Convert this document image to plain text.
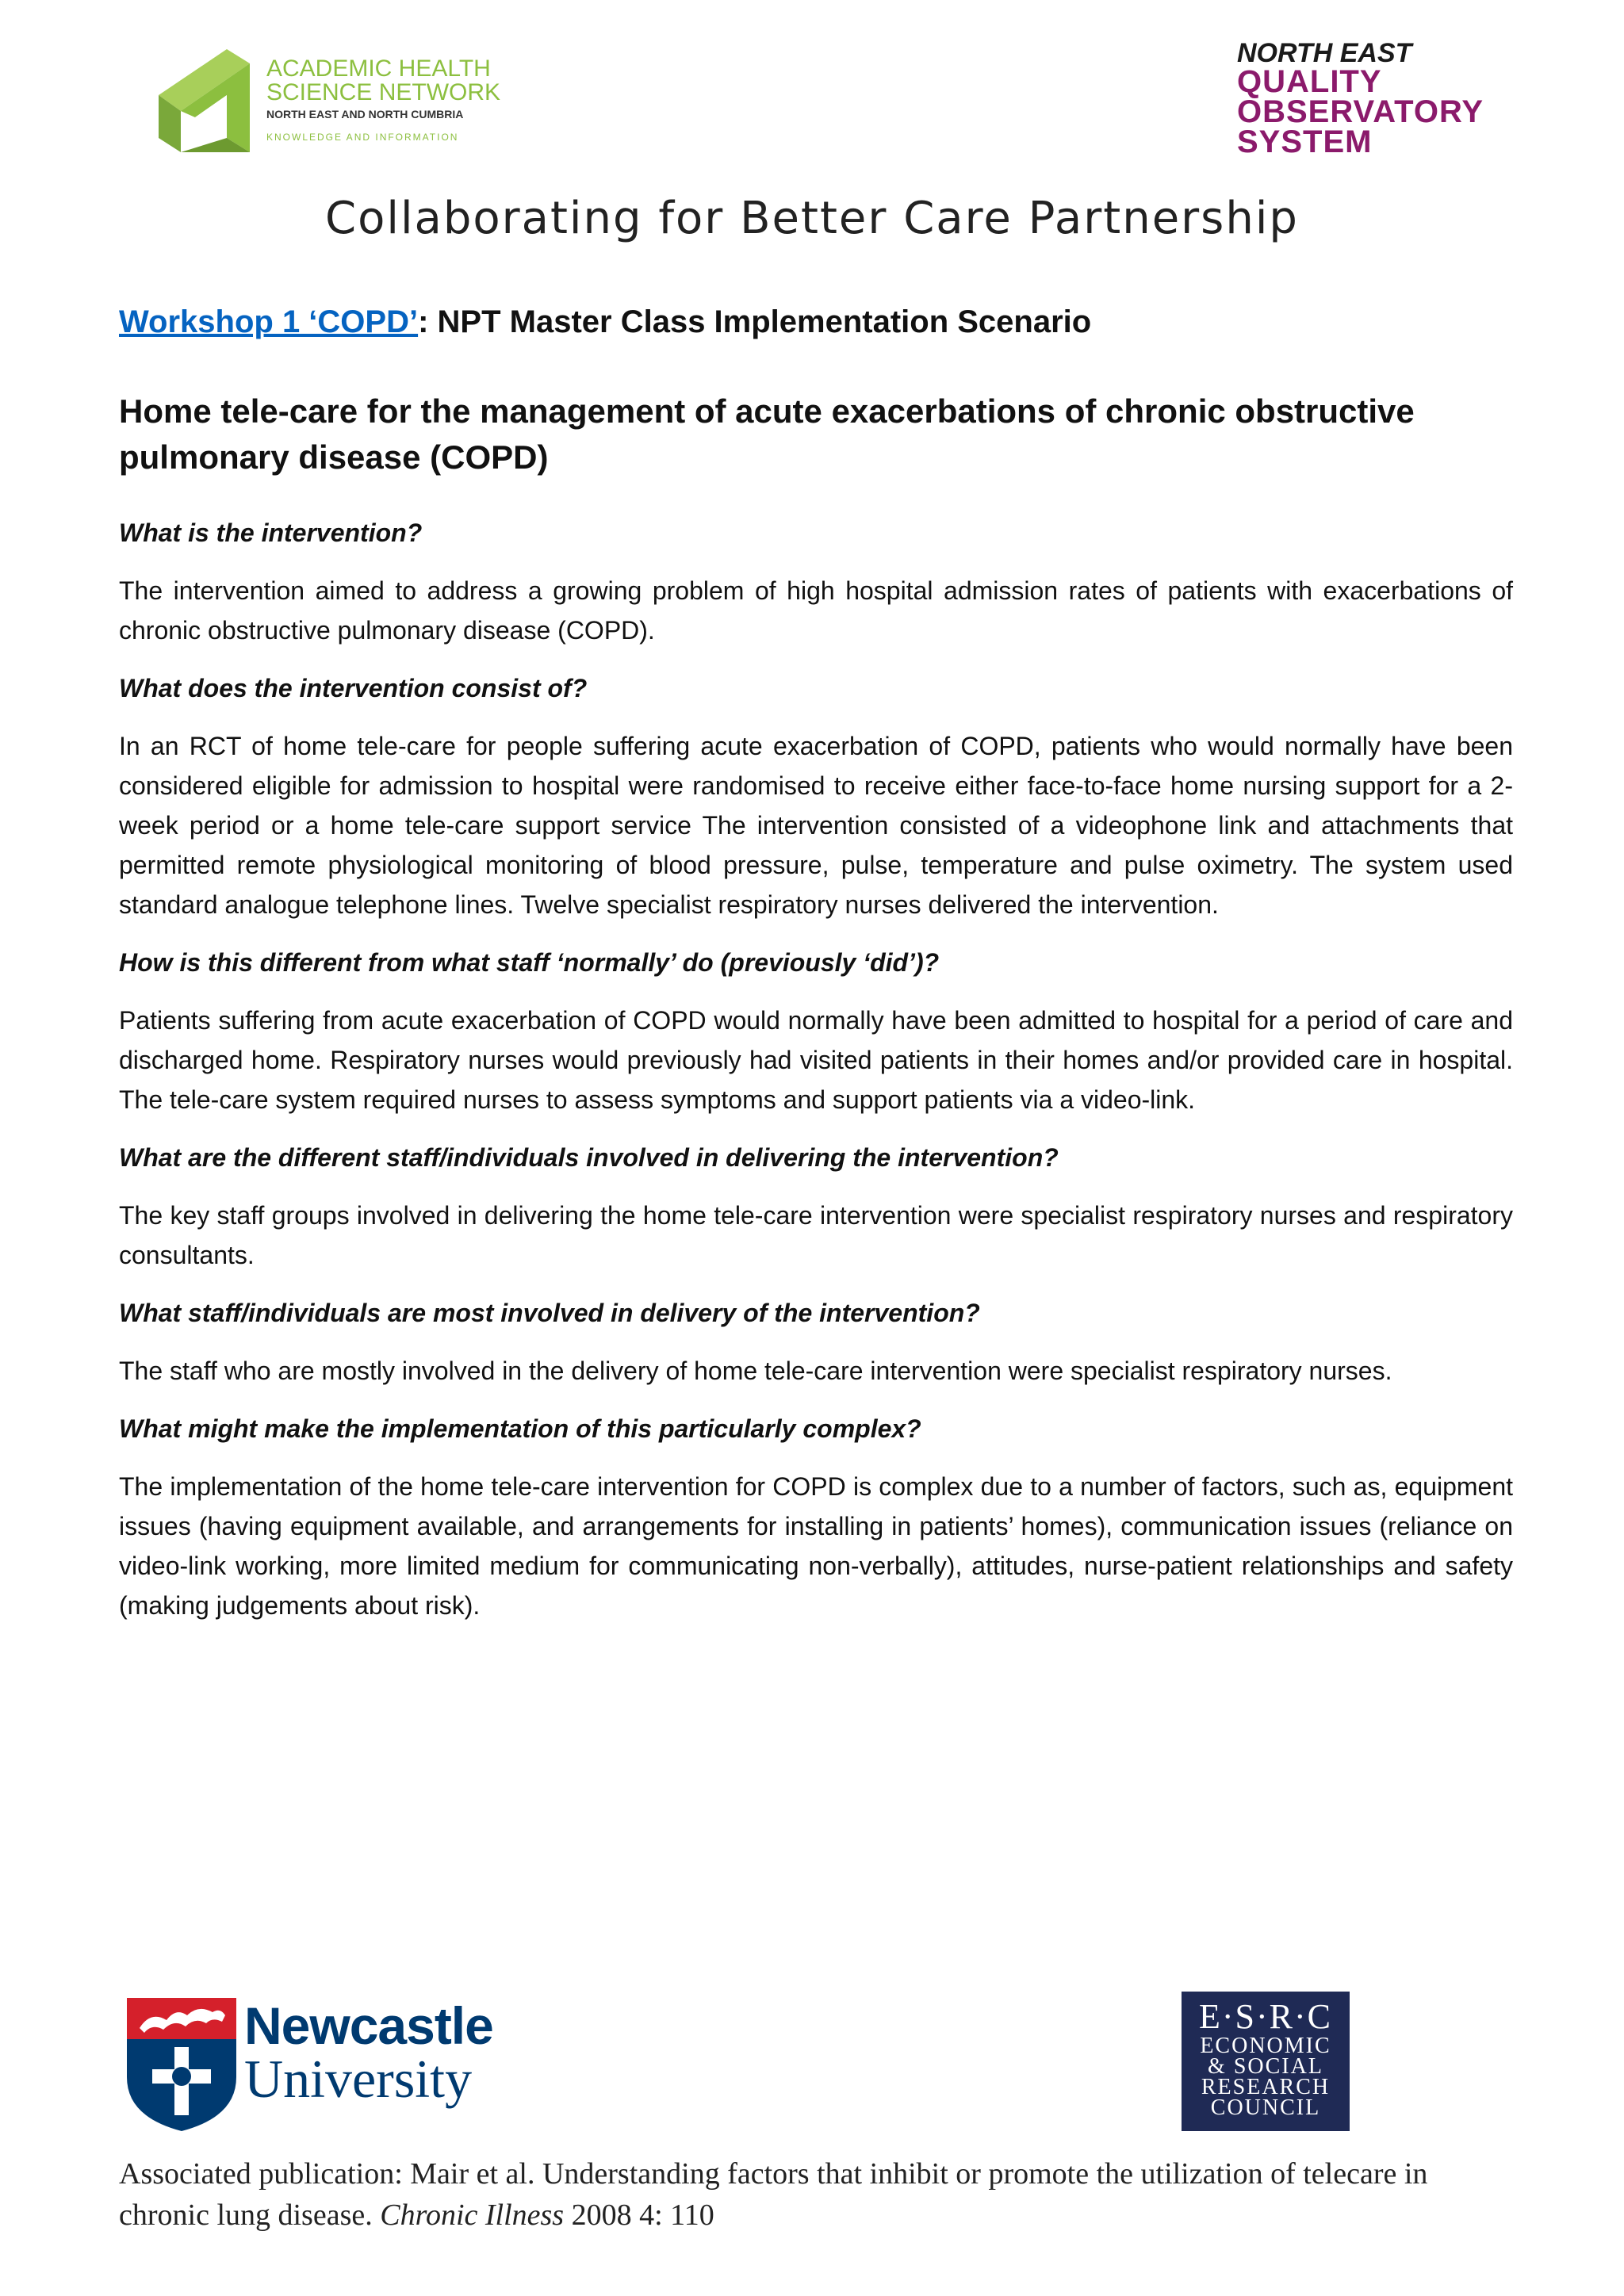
ACADEMIC HEALTH
SCIENCE NETWORK
NORTH EAST AND NORTH CUMBRIA
KNOWLEDGE AND INFORMATION
NORTH EAST
QUALITY
OBSERVATORY
SYSTEM
Collaborating for Better Care Partnership
Workshop 1 ‘COPD’: NPT Master Class Implementation Scenario
Home tele-care for the management of acute exacerbations of chronic obstructive pulmonary disease (COPD)
What is the intervention?
The intervention aimed to address a growing problem of high hospital admission rates of patients with exacerbations of chronic obstructive pulmonary disease (COPD).
What does the intervention consist of?
In an RCT of home tele-care for people suffering acute exacerbation of COPD, patients who would normally have been considered eligible for admission to hospital were randomised to receive either face-to-face home nursing support for a 2-week period or a home tele-care support service The intervention consisted of a videophone link and attachments that permitted remote physiological monitoring of blood pressure, pulse, temperature and pulse oximetry. The system used standard analogue telephone lines. Twelve specialist respiratory nurses delivered the intervention.
How is this different from what staff ‘normally’ do (previously ‘did’)?
Patients suffering from acute exacerbation of COPD would normally have been admitted to hospital for a period of care and discharged home. Respiratory nurses would previously had visited patients in their homes and/or provided care in hospital. The tele-care system required nurses to assess symptoms and support patients via a video-link.
What are the different staff/individuals involved in delivering the intervention?
The key staff groups involved in delivering the home tele-care intervention were specialist respiratory nurses and respiratory consultants.
What staff/individuals are most involved in delivery of the intervention?
The staff who are mostly involved in the delivery of home tele-care intervention were specialist respiratory nurses.
What might make the implementation of this particularly complex?
The implementation of the home tele-care intervention for COPD is complex due to a number of factors, such as, equipment issues (having equipment available, and arrangements for installing in patients’ homes), communication issues (reliance on video-link working, more limited medium for communicating non-verbally), attitudes, nurse-patient relationships and safety (making judgements about risk).
Newcastle
University
E·S·R·C
ECONOMIC
& SOCIAL
RESEARCH
COUNCIL
Associated publication: Mair et al. Understanding factors that inhibit or promote the utilization of telecare in chronic lung disease. Chronic Illness 2008 4: 110
